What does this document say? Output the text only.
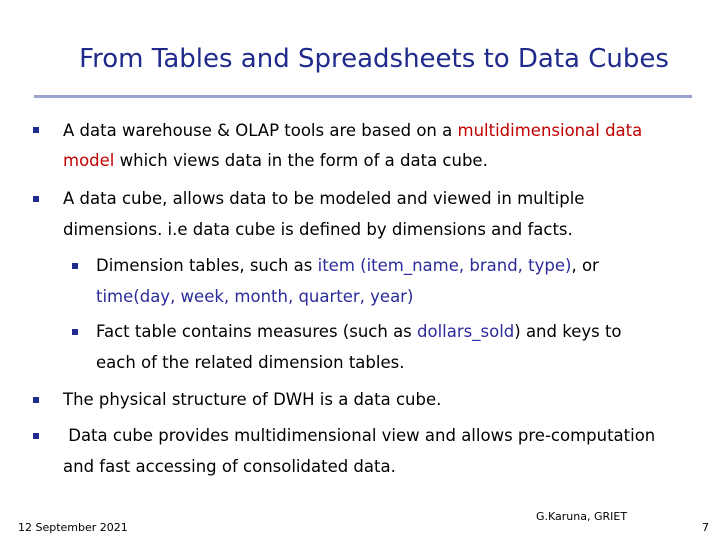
From Tables and Spreadsheets to Data Cubes
A data warehouse & OLAP tools are based on a multidimensional data
model which views data in the form of a data cube.
A data cube, allows data to be modeled and viewed in multiple
dimensions. i.e data cube is defined by dimensions and facts.
Dimension tables, such as item (item_name, brand, type), or
time(day, week, month, quarter, year)
Fact table contains measures (such as dollars_sold) and keys to
each of the related dimension tables.
The physical structure of DWH is a data cube.
Data cube provides multidimensional view and allows pre-computation
and fast accessing of consolidated data.
12 September 2021
G.Karuna, GRIET
7
